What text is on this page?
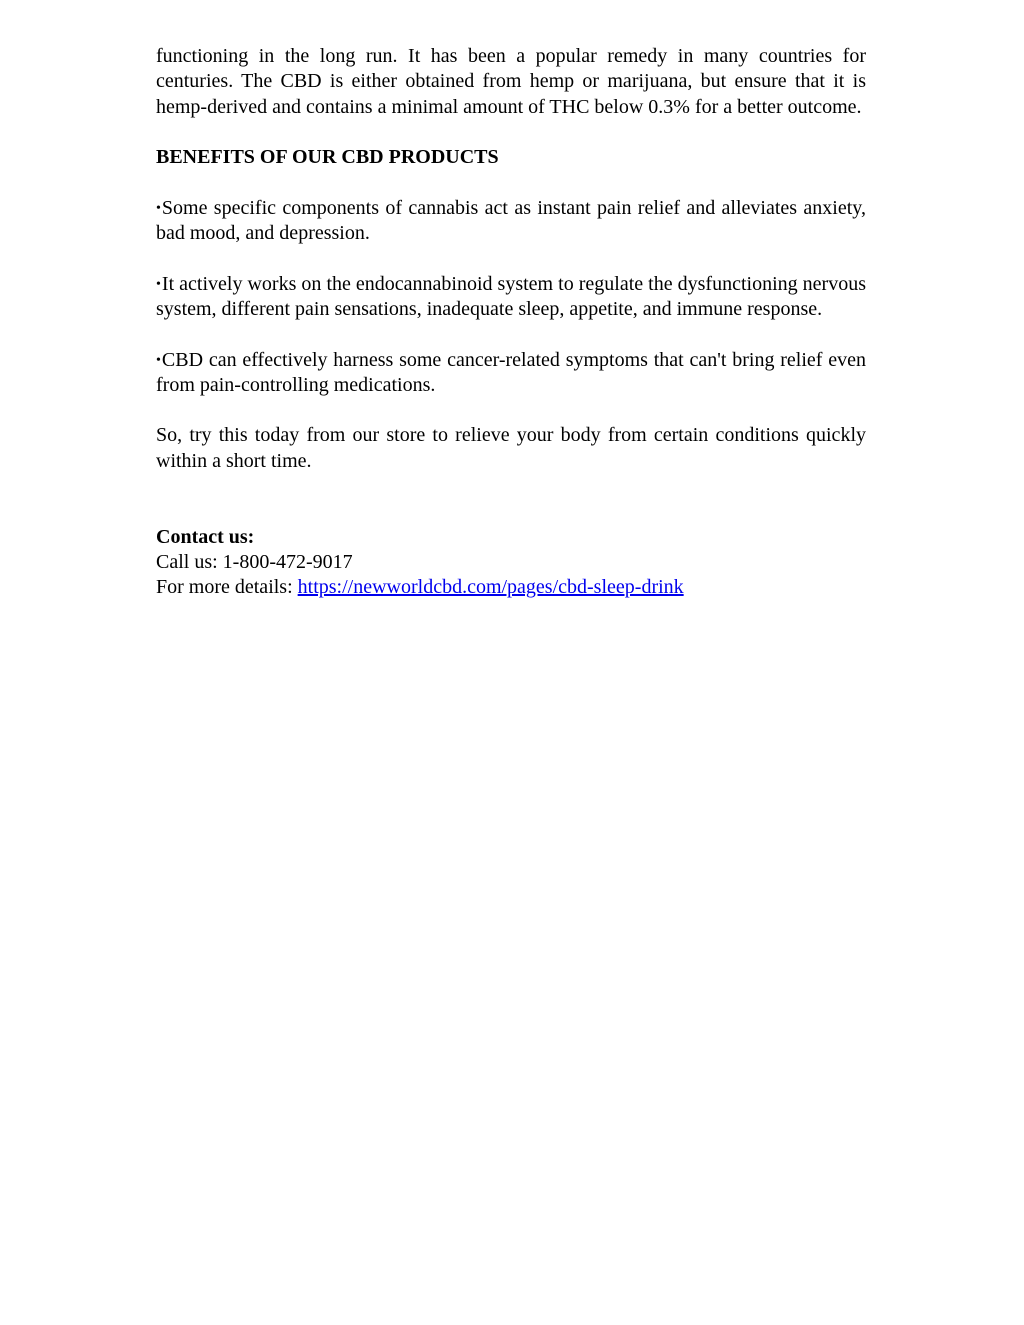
functioning in the long run. It has been a popular remedy in many countries for centuries. The CBD is either obtained from hemp or marijuana, but ensure that it is hemp-derived and contains a minimal amount of THC below 0.3% for a better outcome.

BENEFITS OF OUR CBD PRODUCTS

•Some specific components of cannabis act as instant pain relief and alleviates anxiety, bad mood, and depression.

•It actively works on the endocannabinoid system to regulate the dysfunctioning nervous system, different pain sensations, inadequate sleep, appetite, and immune response.

•CBD can effectively harness some cancer-related symptoms that can't bring relief even from pain-controlling medications.

So, try this today from our store to relieve your body from certain conditions quickly within a short time.

Contact us:
Call us: 1-800-472-9017
For more details: https://newworldcbd.com/pages/cbd-sleep-drink
